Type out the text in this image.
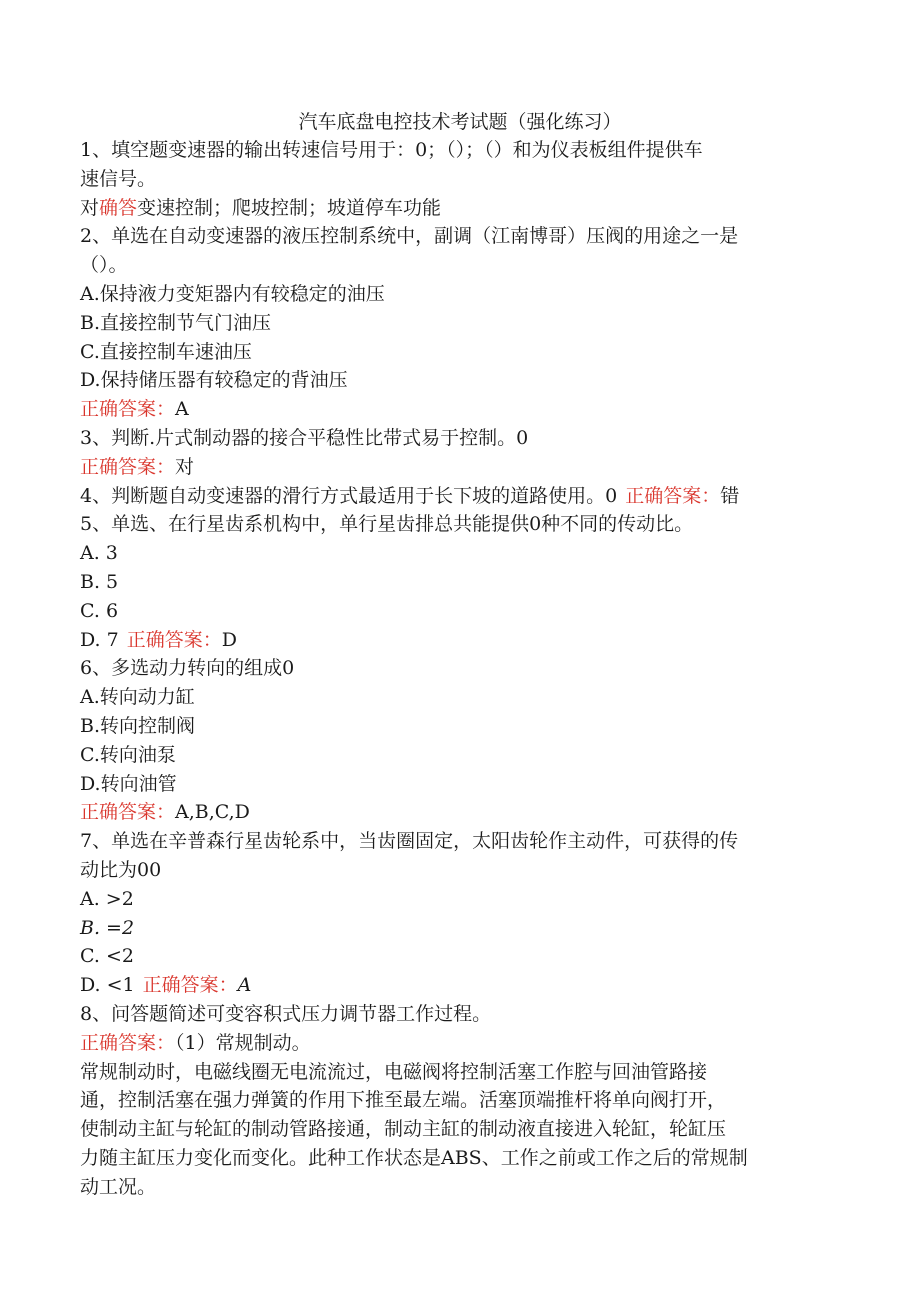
汽车底盘电控技术考试题（强化练习）

1、填空题变速器的输出转速信号用于：0；（）；（）和为仪表板组件提供车

速信号。

对确答变速控制；爬坡控制；坡道停车功能

2、单选在自动变速器的液压控制系统中，副调（江南博哥）压阀的用途之一是

（）。

A.保持液力变矩器内有较稳定的油压

B.直接控制节气门油压

C.直接控制车速油压

D.保持储压器有较稳定的背油压

正确答案：A

3、判断.片式制动器的接合平稳性比带式易于控制。0

正确答案：对

4、判断题自动变速器的滑行方式最适用于长下坡的道路使用。0 正确答案：错

5、单选、在行星齿系机构中，单行星齿排总共能提供0种不同的传动比。

A. 3

B. 5

C. 6

D. 7 正确答案：D

6、多选动力转向的组成0

A.转向动力缸

B.转向控制阀

C.转向油泵

D.转向油管

正确答案：A,B,C,D

7、单选在辛普森行星齿轮系中，当齿圈固定，太阳齿轮作主动件，可获得的传

动比为00

A. >2

B. =2

C. <2

D. <1 正确答案：A

8、问答题简述可变容积式压力调节器工作过程。

正确答案：（1）常规制动。

常规制动时，电磁线圈无电流流过，电磁阀将控制活塞工作腔与回油管路接

通，控制活塞在强力弹簧的作用下推至最左端。活塞顶端推杆将单向阀打开，

使制动主缸与轮缸的制动管路接通，制动主缸的制动液直接进入轮缸，轮缸压

力随主缸压力变化而变化。此种工作状态是ABS、工作之前或工作之后的常规制

动工况。
